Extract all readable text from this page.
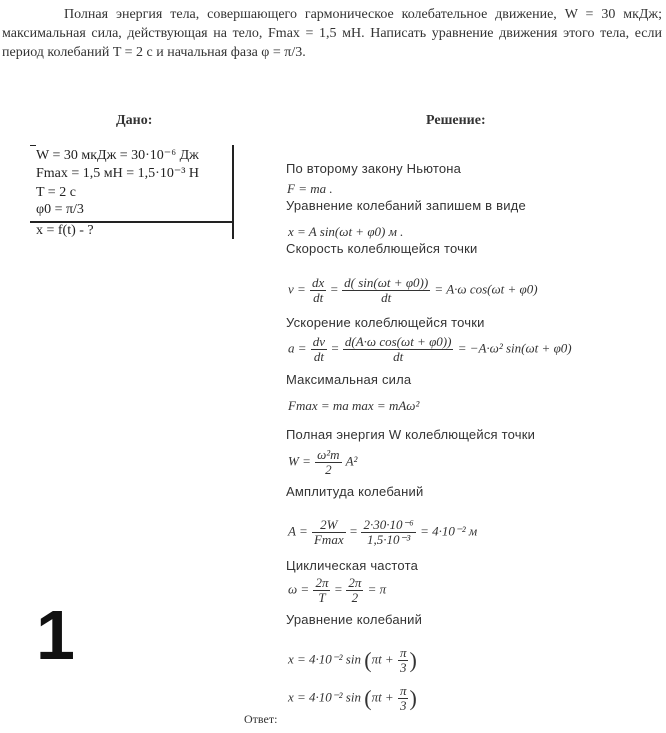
Полная энергия тела, совершающего гармоническое колебательное движение, W = 30 мкДж; максимальная сила, действующая на тело, Fmax = 1,5 мН. Написать уравнение движения этого тела, если период колебаний T = 2 с и начальная фаза φ = π/3.

Дано:	Решение:
W = 30 мкДж = 30·10⁻⁶ Дж
Fmax = 1,5 мН = 1,5·10⁻³ Н
T = 2 с
φ0 = π/3
x = f(t) - ?
По второму закону Ньютона
F = ma .
Уравнение колебаний запишем в виде
x = A sin(ωt + φ0) м .
Скорость колеблющейся точки
$v = \frac{dx}{dt} = \frac{d( \sin(\omega t + \varphi 0))}{dt} = A\cdot\omega$ cos(ωt + φ0)
Ускорение колеблющейся точки
$a = \frac{dv}{dt} = \frac{\text{d(A·ω cos(ωt + φ0))}}{dt} = -A\cdot\omega^2$ sin(ωt + φ0)
Максимальная сила
Fmax = ma max = mAω²
Полная энергия W колеблющейся точки
$W = \frac{\text{ω²m}}{2} A^2$
Амплитуда колебаний
$A = \frac{2W}{Fmax} = \frac{\text{2·30·10⁻⁶}}{\text{1,5·10⁻³}} = 4\cdot 10^{-2}$ м
Циклическая частота
$\omega = \frac{2\pi}{T} = \frac{2\pi}{2} = \pi$
Уравнение колебаний
x = 4·10⁻² $\sin (\pi t + \frac{\pi}{3}$ )
x = 4·10⁻² $\sin (\pi t + \frac{\pi}{3}$ )
Ответ:
1
